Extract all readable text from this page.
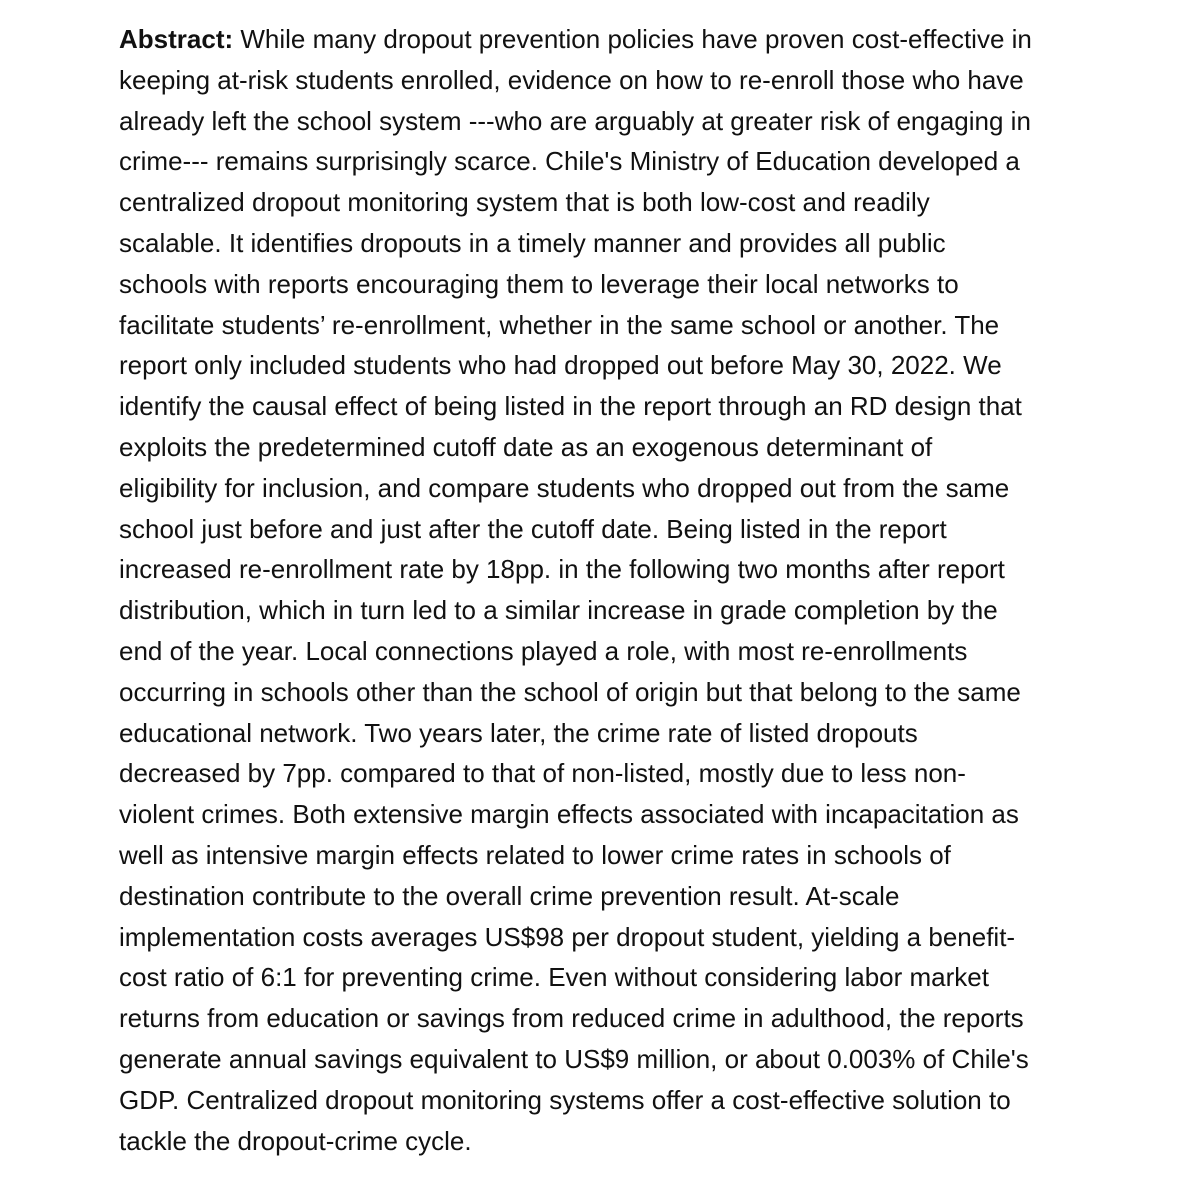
Abstract: While many dropout prevention policies have proven cost-effective in
keeping at-risk students enrolled, evidence on how to re-enroll those who have
already left the school system ---who are arguably at greater risk of engaging in
crime--- remains surprisingly scarce. Chile's Ministry of Education developed a
centralized dropout monitoring system that is both low-cost and readily
scalable. It identifies dropouts in a timely manner and provides all public
schools with reports encouraging them to leverage their local networks to
facilitate students’ re-enrollment, whether in the same school or another. The
report only included students who had dropped out before May 30, 2022. We
identify the causal effect of being listed in the report through an RD design that
exploits the predetermined cutoff date as an exogenous determinant of
eligibility for inclusion, and compare students who dropped out from the same
school just before and just after the cutoff date. Being listed in the report
increased re-enrollment rate by 18pp. in the following two months after report
distribution, which in turn led to a similar increase in grade completion by the
end of the year. Local connections played a role, with most re-enrollments
occurring in schools other than the school of origin but that belong to the same
educational network. Two years later, the crime rate of listed dropouts
decreased by 7pp. compared to that of non-listed, mostly due to less non-
violent crimes. Both extensive margin effects associated with incapacitation as
well as intensive margin effects related to lower crime rates in schools of
destination contribute to the overall crime prevention result. At-scale
implementation costs averages US$98 per dropout student, yielding a benefit-
cost ratio of 6:1 for preventing crime. Even without considering labor market
returns from education or savings from reduced crime in adulthood, the reports
generate annual savings equivalent to US$9 million, or about 0.003% of Chile's
GDP. Centralized dropout monitoring systems offer a cost-effective solution to
tackle the dropout-crime cycle.
